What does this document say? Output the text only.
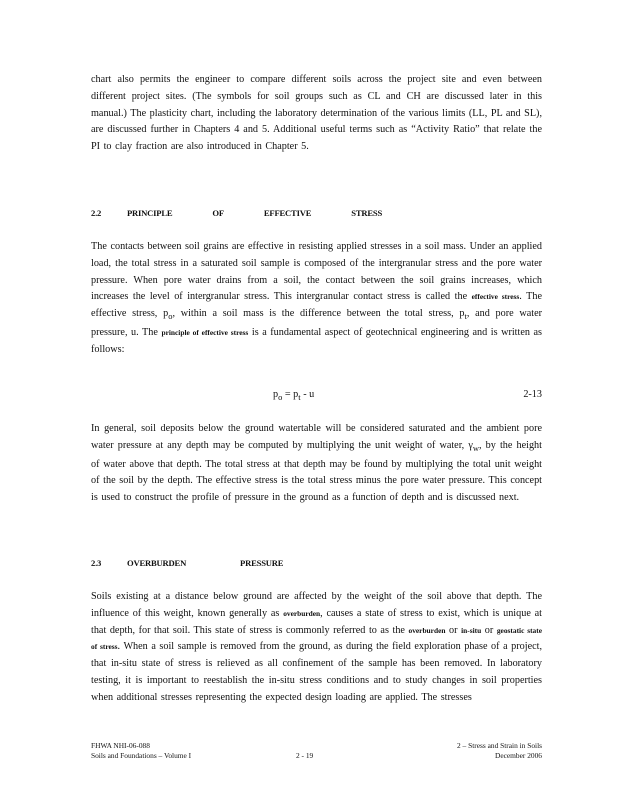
chart also permits the engineer to compare different soils across the project site and even between different project sites. (The symbols for soil groups such as CL and CH are discussed later in this manual.) The plasticity chart, including the laboratory determination of the various limits (LL, PL and SL), are discussed further in Chapters 4 and 5. Additional useful terms such as “Activity Ratio” that relate the PI to clay fraction are also introduced in Chapter 5.

2.2	PRINCIPLE	OF	EFFECTIVE	STRESS

The contacts between soil grains are effective in resisting applied stresses in a soil mass. Under an applied load, the total stress in a saturated soil sample is composed of the intergranular stress and the pore water pressure. When pore water drains from a soil, the contact between the soil grains increases, which increases the level of intergranular stress. This intergranular contact stress is called the effective stress. The effective stress, $p_o$, within a soil mass is the difference between the total stress, $p_t$, and pore water pressure, u. The principle of effective stress is a fundamental aspect of geotechnical engineering and is written as follows:

$p_o = p_t - u$	2-13

In general, soil deposits below the ground watertable will be considered saturated and the ambient pore water pressure at any depth may be computed by multiplying the unit weight of water, $\gamma_w$, by the height of water above that depth. The total stress at that depth may be found by multiplying the total unit weight of the soil by the depth. The effective stress is the total stress minus the pore water pressure. This concept is used to construct the profile of pressure in the ground as a function of depth and is discussed next.

2.3	OVERBURDEN	PRESSURE

Soils existing at a distance below ground are affected by the weight of the soil above that depth. The influence of this weight, known generally as overburden, causes a state of stress to exist, which is unique at that depth, for that soil. This state of stress is commonly referred to as the overburden or in-situ or geostatic state of stress. When a soil sample is removed from the ground, as during the field exploration phase of a project, that in-situ state of stress is relieved as all confinement of the sample has been removed. In laboratory testing, it is important to reestablish the in-situ stress conditions and to study changes in soil properties when additional stresses representing the expected design loading are applied. The stresses

FHWA NHI-06-088
Soils and Foundations – Volume I	2 - 19
2 – Stress and Strain in Soils
December 2006
